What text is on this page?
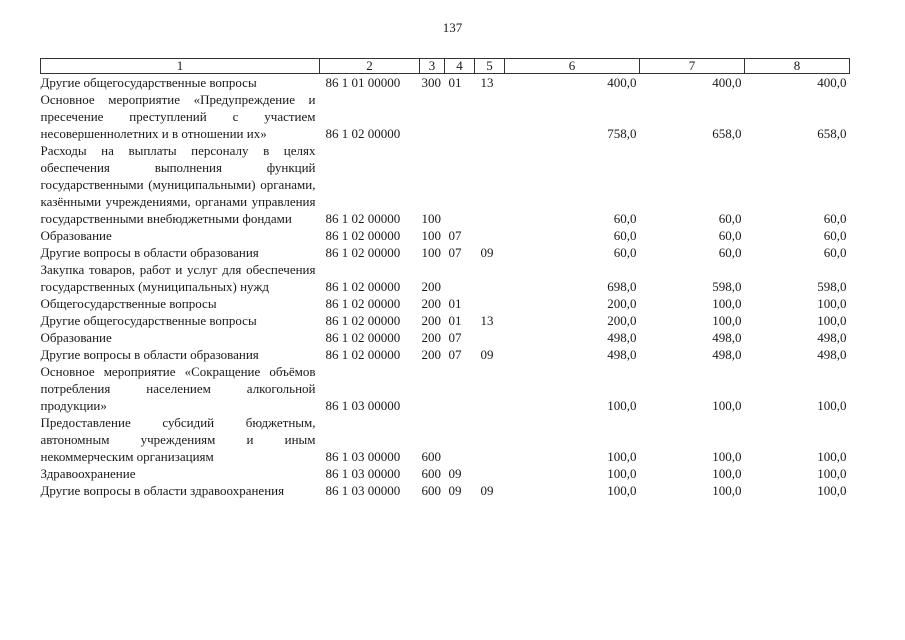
137
1	2	3	4	5	6	7	8
Другие общегосударственные вопросы	86 1 01 00000	300	01	13	400,0	400,0	400,0
Основное мероприятие «Предупреждение и пресечение преступлений с участием несовершеннолетних и в отношении их»	86 1 02 00000				758,0	658,0	658,0
Расходы на выплаты персоналу в целях обеспечения выполнения функций государственными (муниципальными) органами, казёнными учреждениями, органами управления государственными внебюджетными фондами	86 1 02 00000	100			60,0	60,0	60,0
Образование	86 1 02 00000	100	07		60,0	60,0	60,0
Другие вопросы в области образования	86 1 02 00000	100	07	09	60,0	60,0	60,0
Закупка товаров, работ и услуг для обеспечения государственных (муниципальных) нужд	86 1 02 00000	200			698,0	598,0	598,0
Общегосударственные вопросы	86 1 02 00000	200	01		200,0	100,0	100,0
Другие общегосударственные вопросы	86 1 02 00000	200	01	13	200,0	100,0	100,0
Образование	86 1 02 00000	200	07		498,0	498,0	498,0
Другие вопросы в области образования	86 1 02 00000	200	07	09	498,0	498,0	498,0
Основное мероприятие «Сокращение объёмов потребления населением алкогольной продукции»	86 1 03 00000				100,0	100,0	100,0
Предоставление субсидий бюджетным, автономным учреждениям и иным некоммерческим организациям	86 1 03 00000	600			100,0	100,0	100,0
Здравоохранение	86 1 03 00000	600	09		100,0	100,0	100,0
Другие вопросы в области здравоохранения	86 1 03 00000	600	09	09	100,0	100,0	100,0
